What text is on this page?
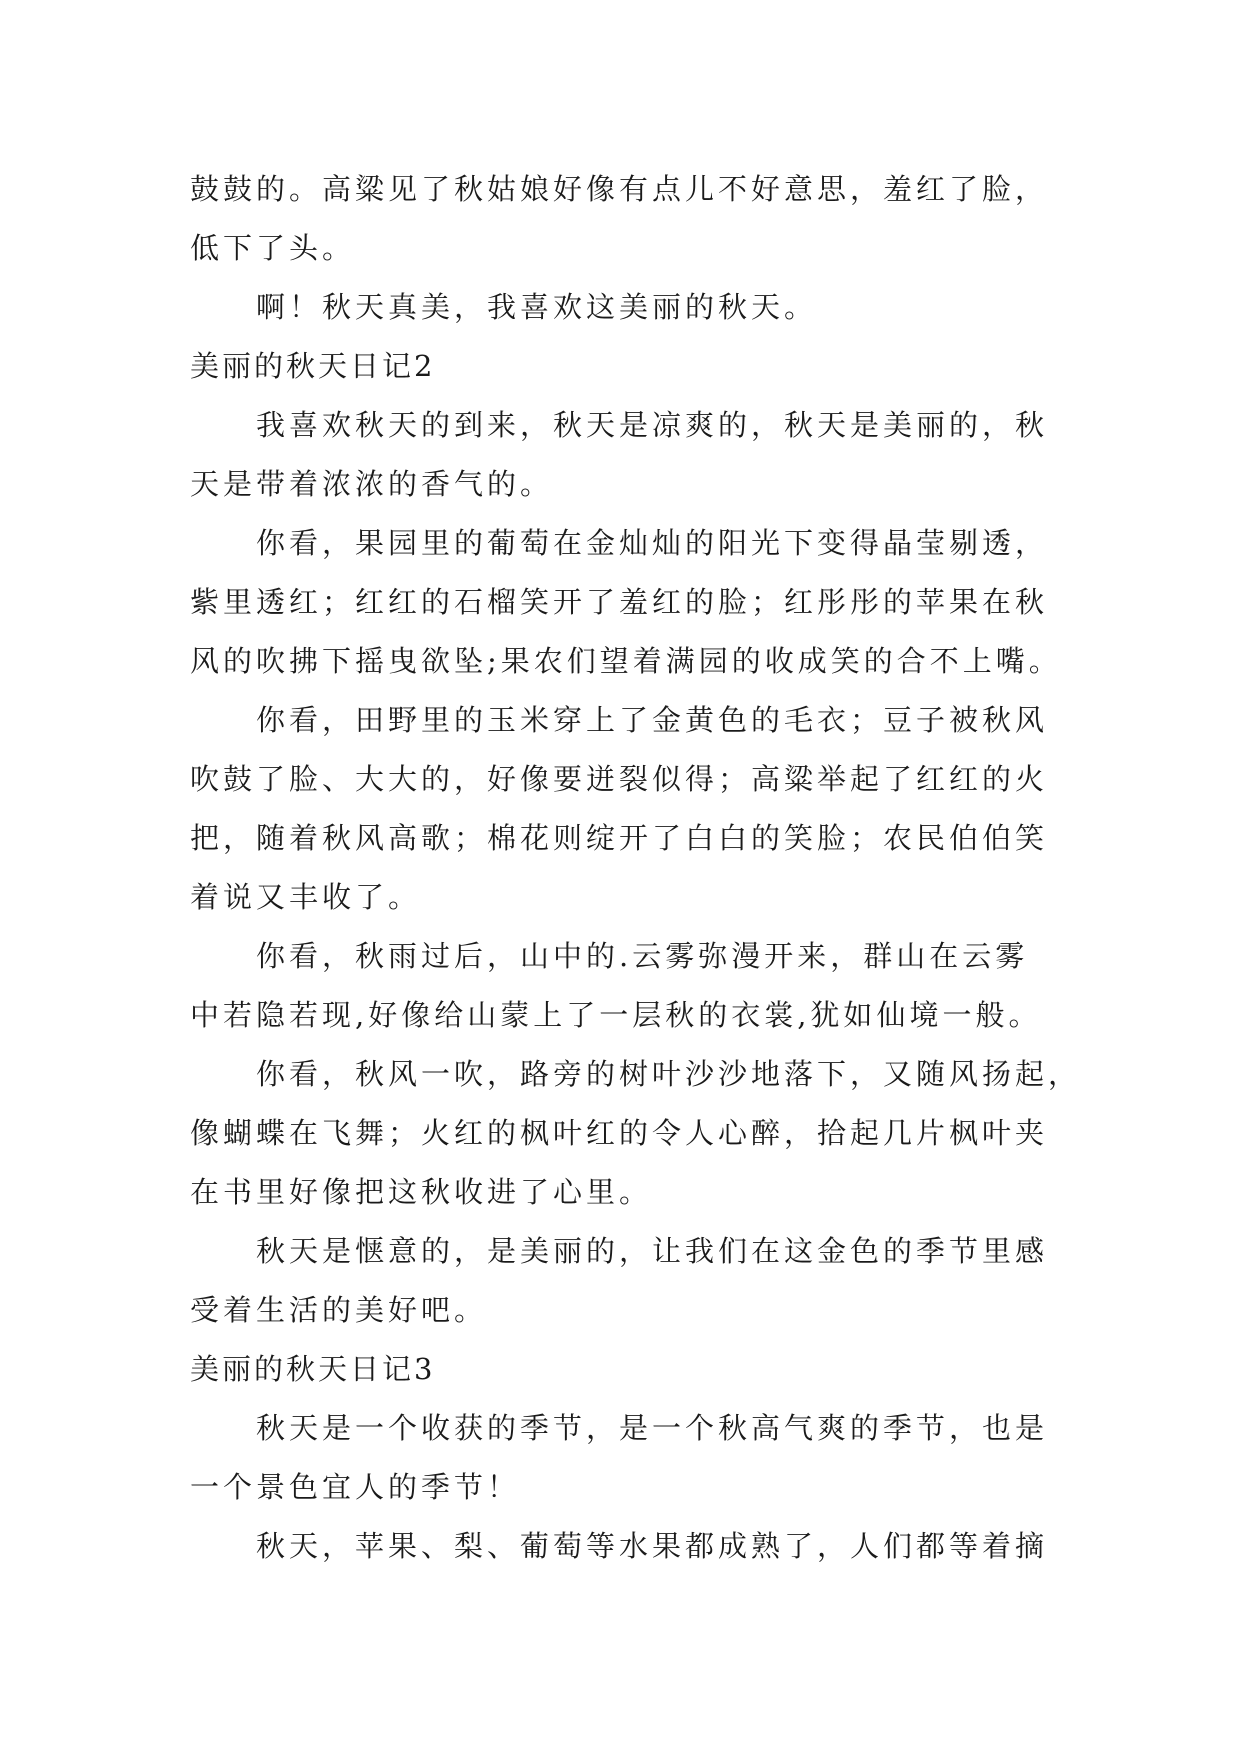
鼓鼓的。高粱见了秋姑娘好像有点儿不好意思，羞红了脸，
低下了头。
啊！秋天真美，我喜欢这美丽的秋天。
美丽的秋天日记2
我喜欢秋天的到来，秋天是凉爽的，秋天是美丽的，秋
天是带着浓浓的香气的。
你看，果园里的葡萄在金灿灿的阳光下变得晶莹剔透，
紫里透红；红红的石榴笑开了羞红的脸；红彤彤的苹果在秋
风的吹拂下摇曳欲坠;果农们望着满园的收成笑的合不上嘴。
你看，田野里的玉米穿上了金黄色的毛衣；豆子被秋风
吹鼓了脸、大大的，好像要迸裂似得；高粱举起了红红的火
把，随着秋风高歌；棉花则绽开了白白的笑脸；农民伯伯笑
着说又丰收了。
你看，秋雨过后，山中的.云雾弥漫开来，群山在云雾
中若隐若现,好像给山蒙上了一层秋的衣裳,犹如仙境一般。
你看，秋风一吹，路旁的树叶沙沙地落下，又随风扬起，
像蝴蝶在飞舞；火红的枫叶红的令人心醉，拾起几片枫叶夹
在书里好像把这秋收进了心里。
秋天是惬意的，是美丽的，让我们在这金色的季节里感
受着生活的美好吧。
美丽的秋天日记3
秋天是一个收获的季节，是一个秋高气爽的季节，也是
一个景色宜人的季节！
秋天，苹果、梨、葡萄等水果都成熟了，人们都等着摘
